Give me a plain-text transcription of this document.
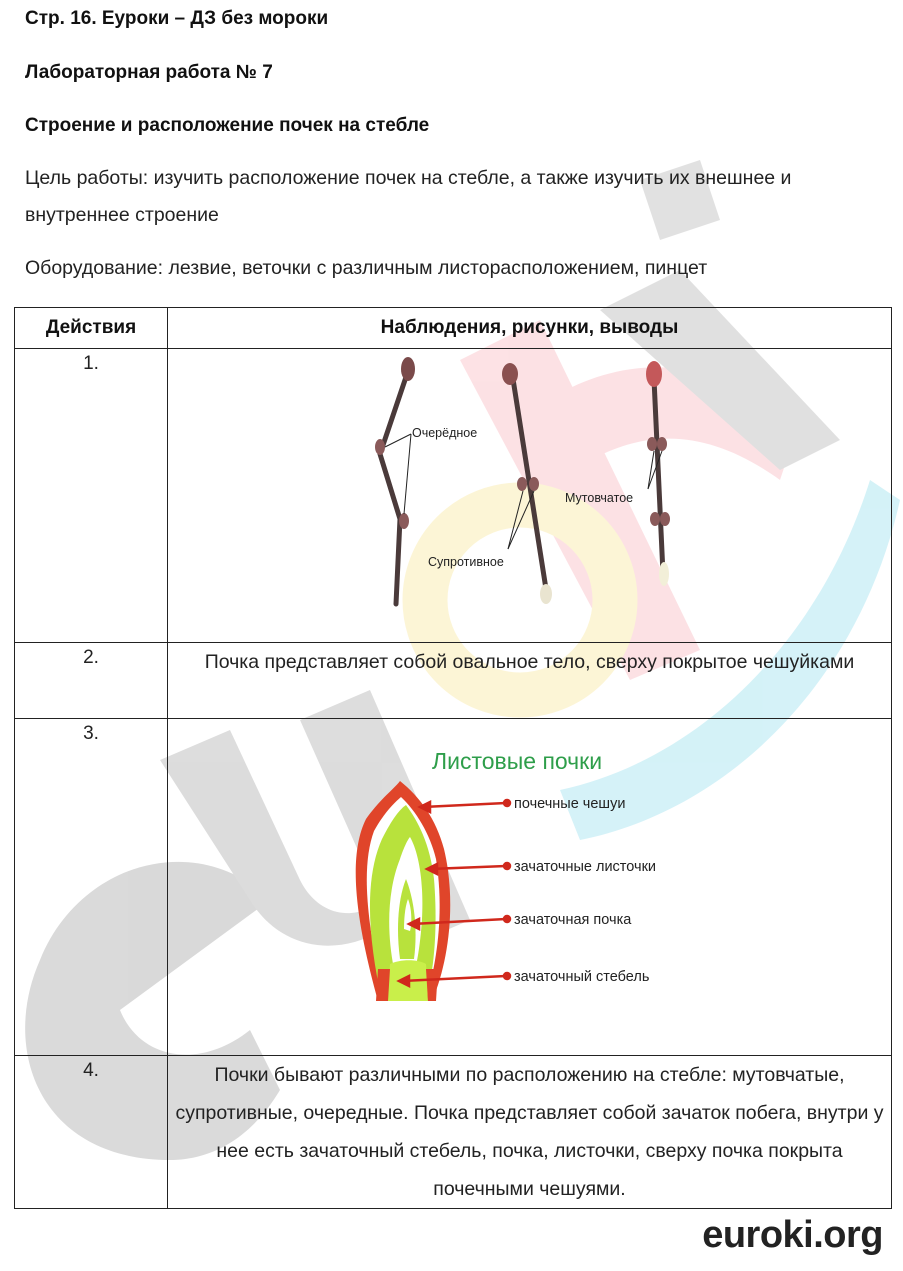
Стр. 16. Еуроки – ДЗ без мороки
Лабораторная работа № 7
Строение и расположение почек на стебле
Цель работы: изучить расположение почек на стебле, а также изучить их внешнее и внутреннее строение
Оборудование: лезвие, веточки с различным листорасположением, пинцет
Действия	Наблюдения, рисунки, выводы
1.	Очерёдное
Супротивное
Мутовчатое

2.	Почка представляет собой овальное тело, сверху покрытое чешуйками
3.	Листовые почки
почечные чешуи
зачаточные листочки
зачаточная почка
зачаточный стебель

4.	Почки бывают различными по расположению на стебле: мутовчатые, супротивные, очередные. Почка представляет собой зачаток побега, внутри у нее есть зачаточный стебель, почка, листочки, сверху почка покрыта почечными чешуями.
euroki.org
